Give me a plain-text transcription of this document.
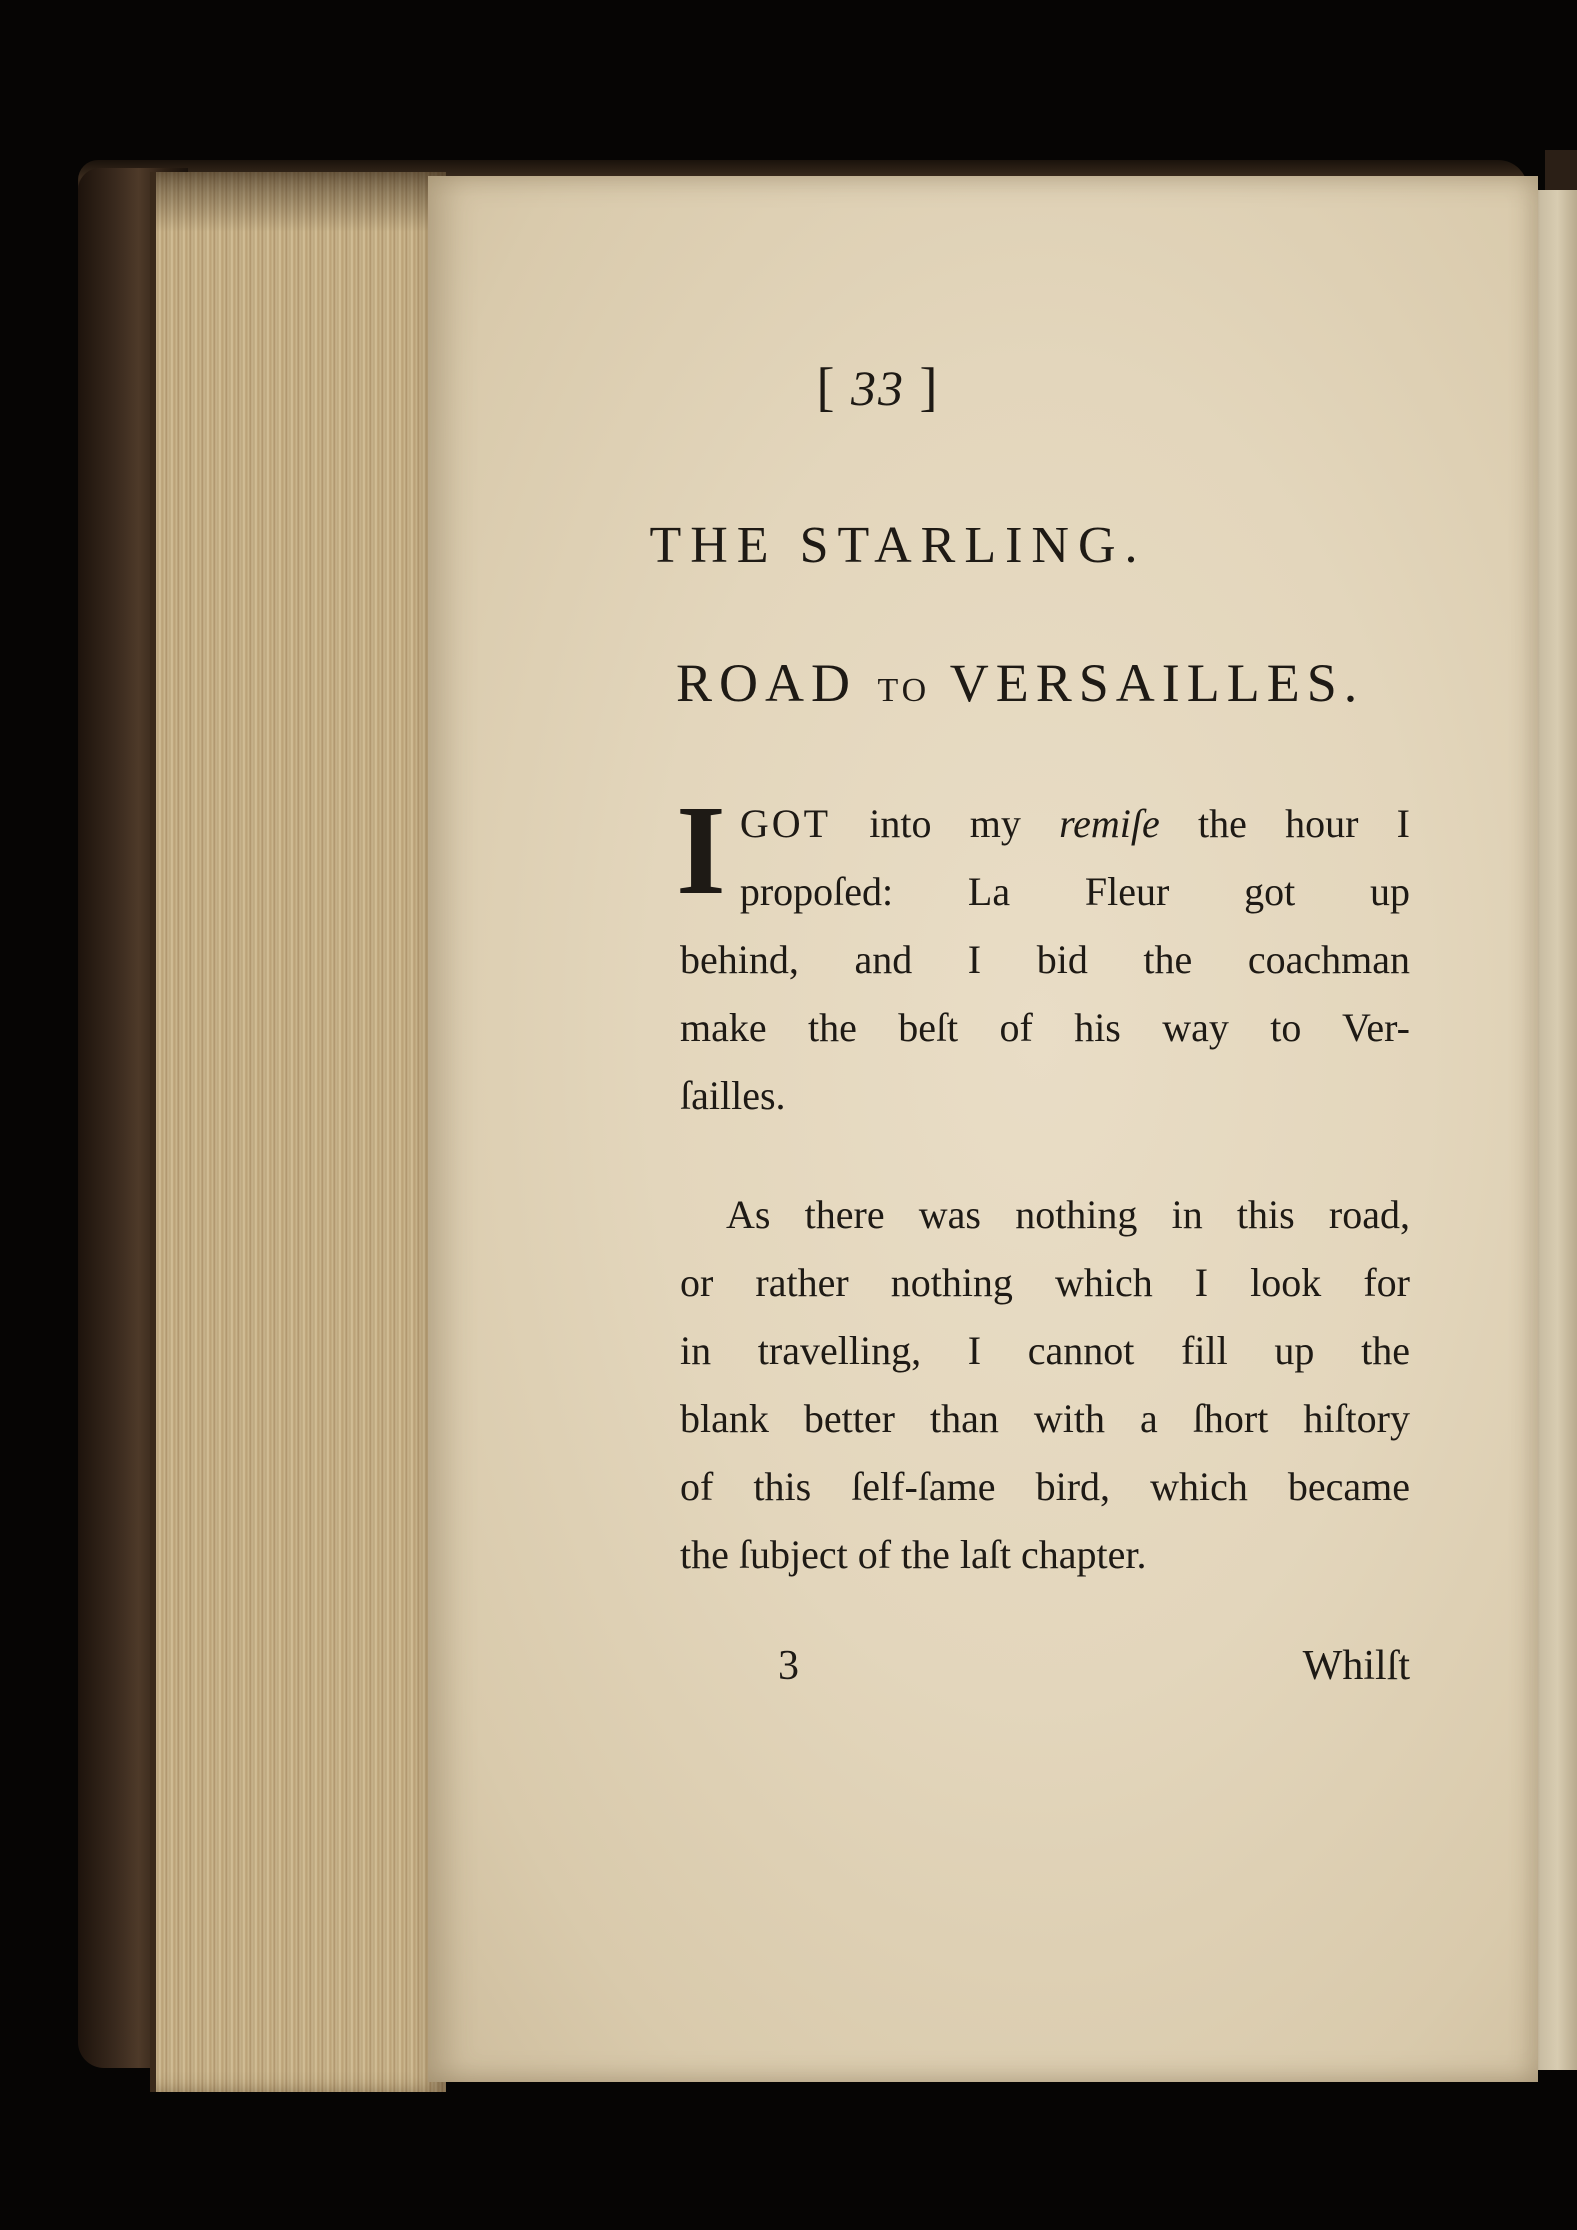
[ 33 ]
THE STARLING.
ROAD TO VERSAILLES.
I GOT into my remiſe the hour I
propoſed: La Fleur got up
behind, and I bid the coachman
make the beſt of his way to Ver-
ſailles.
As there was nothing in this road,
or rather nothing which I look for
in travelling, I cannot fill up the
blank better than with a ſhort hiſtory
of this ſelf-ſame bird, which became
the ſubject of the laſt chapter.
3	Whilſt
